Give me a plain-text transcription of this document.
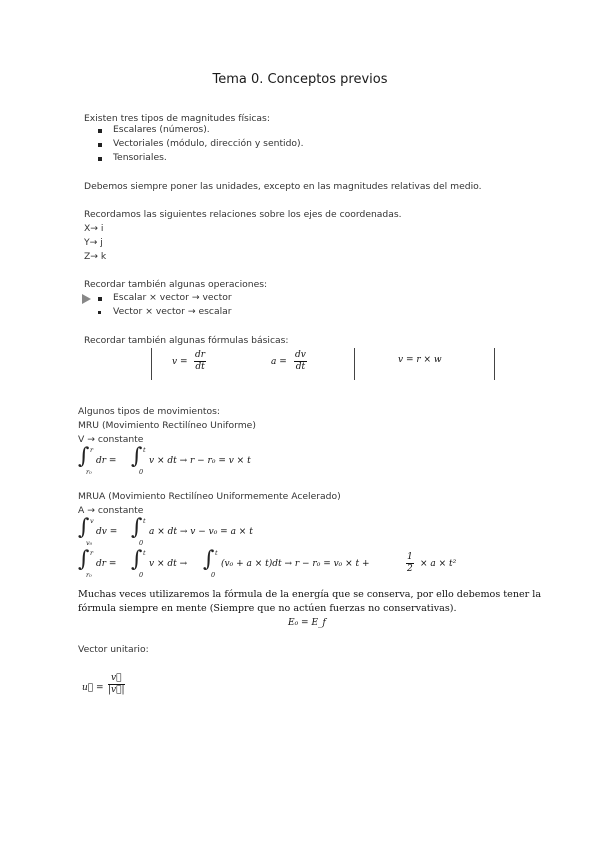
Tema 0. Conceptos previos
Existen tres tipos de magnitudes físicas:
Escalares (números).
Vectoriales (módulo, dirección y sentido).
Tensoriales.
Debemos siempre poner las unidades, excepto en las magnitudes relativas del medio.
Recordamos las siguientes relaciones sobre los ejes de coordenadas.
X→ i
Y→ j
Z→ k
Recordar también algunas operaciones:
Escalar × vector → vector
Vector × vector → escalar
Recordar también algunas fórmulas básicas:
$v = \frac{dr}{dt}$	$a = \frac{dv}{dt}$	v = r × w
Algunos tipos de movimientos:
MRU (Movimiento Rectilíneo Uniforme)
V → constante
∫ r
r₀
dr = ∫ t
0
v × dt → r − r₀ = v × t
MRUA (Movimiento Rectilíneo Uniformemente Acelerado)
A → constante
∫ v
v₀
dv = ∫ t
0
a × dt → v − v₀ = a × t
∫ r
r₀
dr = ∫ t
0
v × dt → ∫ t
0
(v₀ + a × t)dt → r − r₀ = v₀ × t +	$\frac{1}{2} \times a \times t^2$
Muchas veces utilizaremos la fórmula de la energía que se conserva, por ello debemos tener la
fórmula siempre en mente (Siempre que no actúen fuerzas no conservativas).
E₀ = E_f
Vector unitario:
u⃗ = $\frac{v⃗}{|v⃗|}$
